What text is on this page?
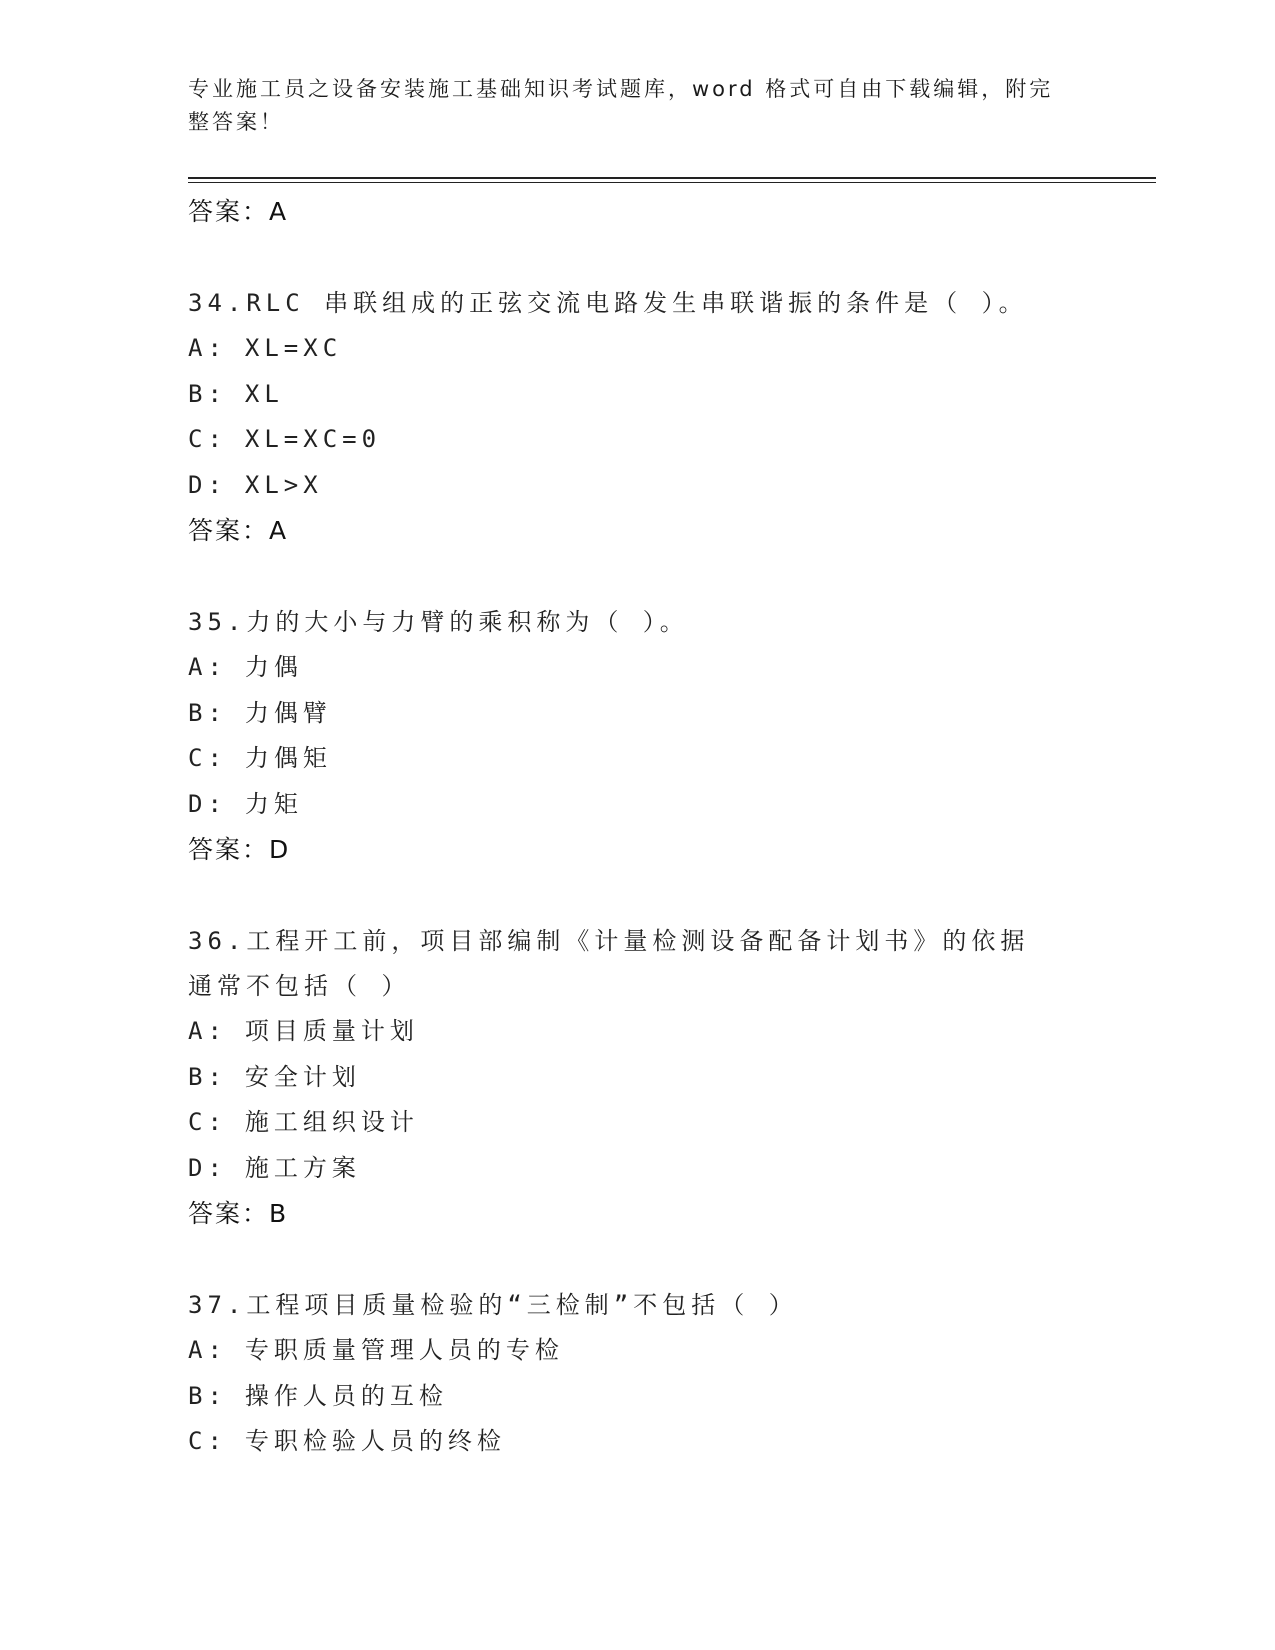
专业施工员之设备安装施工基础知识考试题库，word 格式可自由下载编辑，附完整答案！
答案：A
34.RLC 串联组成的正弦交流电路发生串联谐振的条件是（ ）。
A: XL=XC
B: XL
C: XL=XC=0
D: XL>X
答案：A
35.力的大小与力臂的乘积称为（ ）。
A: 力偶
B: 力偶臂
C: 力偶矩
D: 力矩
答案：D
36.工程开工前，项目部编制《计量检测设备配备计划书》的依据通常不包括（ ）
A: 项目质量计划
B: 安全计划
C: 施工组织设计
D: 施工方案
答案：B
37.工程项目质量检验的“三检制”不包括（ ）
A: 专职质量管理人员的专检
B: 操作人员的互检
C: 专职检验人员的终检
